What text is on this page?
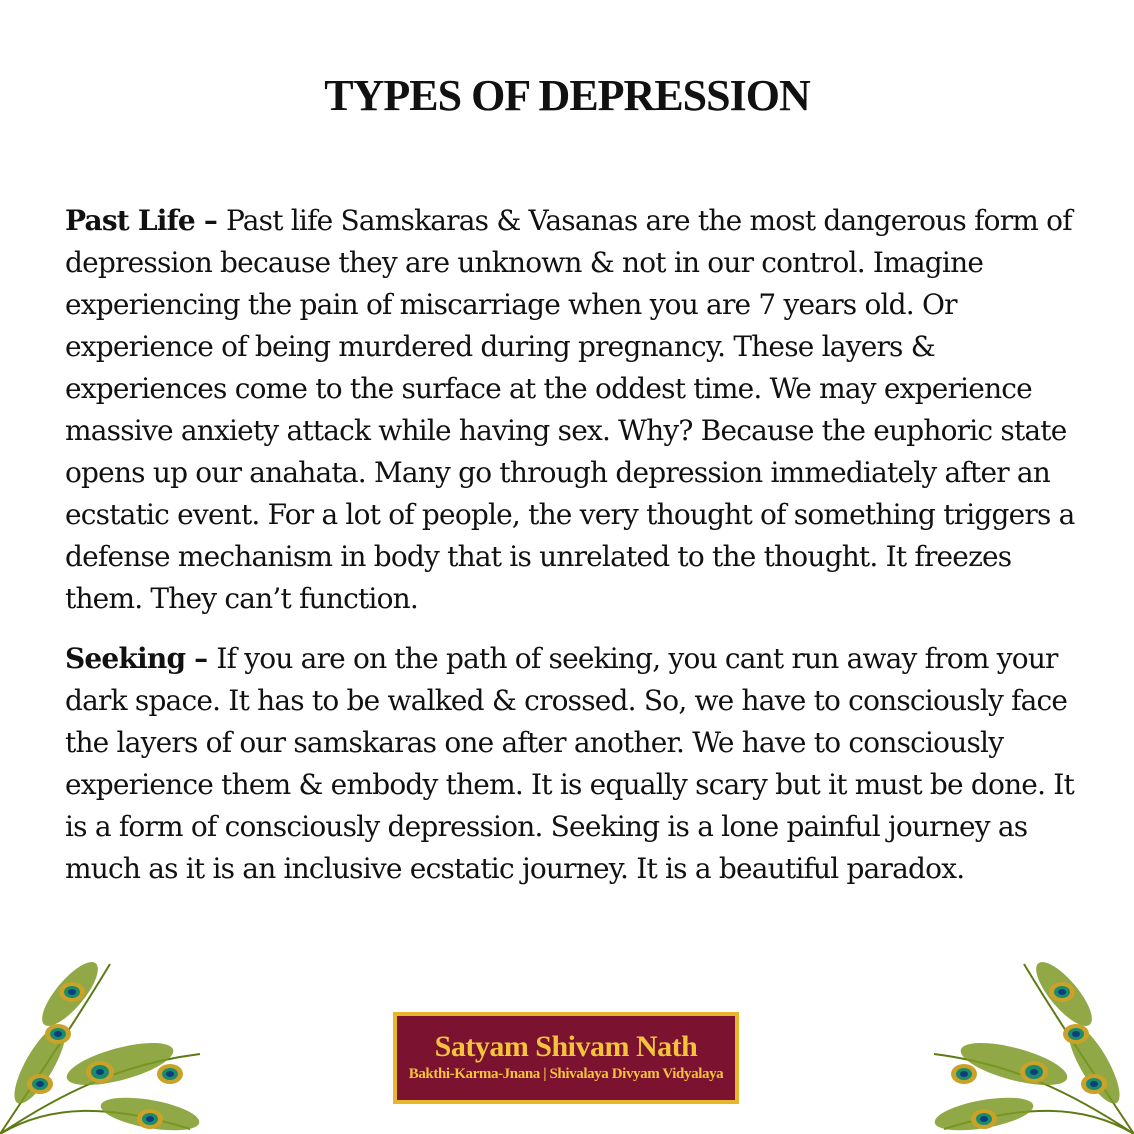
TYPES OF DEPRESSION

Past Life – Past life Samskaras & Vasanas are the most dangerous form of depression because they are unknown & not in our control. Imagine experiencing the pain of miscarriage when you are 7 years old. Or experience of being murdered during pregnancy. These layers & experiences come to the surface at the oddest time. We may experience massive anxiety attack while having sex. Why? Because the euphoric state opens up our anahata. Many go through depression immediately after an ecstatic event. For a lot of people, the very thought of something triggers a defense mechanism in body that is unrelated to the thought. It freezes them. They can’t function.

Seeking – If you are on the path of seeking, you cant run away from your dark space. It has to be walked & crossed. So, we have to consciously face the layers of our samskaras one after another. We have to consciously experience them & embody them. It is equally scary but it must be done. It is a form of consciously depression. Seeking is a lone painful journey as much as it is an inclusive ecstatic journey. It is a beautiful paradox.

Satyam Shivam Nath
Bakthi-Karma-Jnana | Shivalaya Divyam Vidyalaya
